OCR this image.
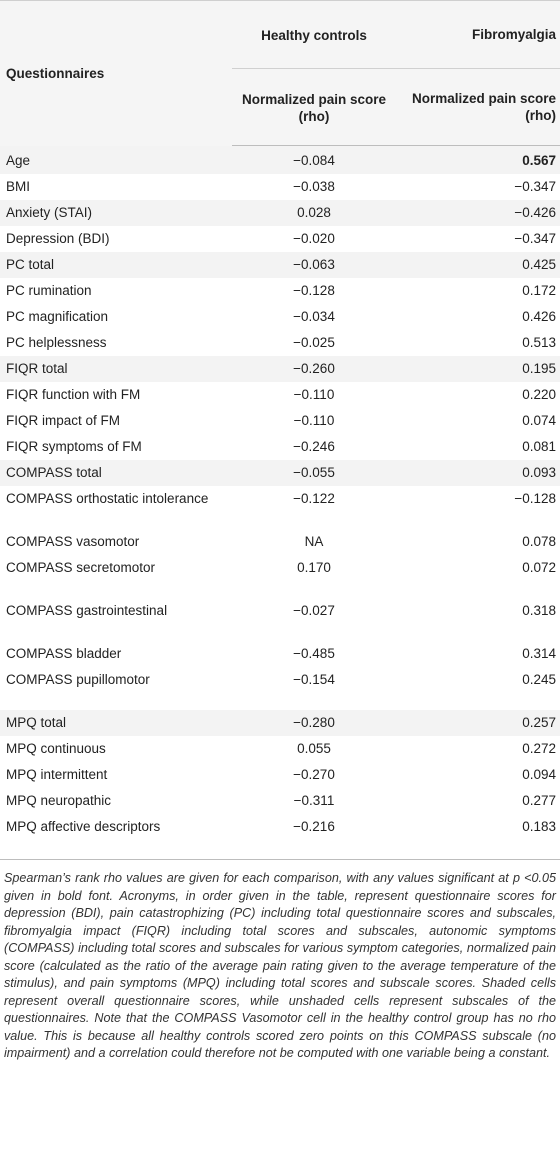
Questionnaires	Healthy controls	Fibromyalgia
	Normalized pain score (rho)	Normalized pain score (rho)
Age	−0.084	0.567
BMI	−0.038	−0.347
Anxiety (STAI)	0.028	−0.426
Depression (BDI)	−0.020	−0.347
PC total	−0.063	0.425
PC rumination	−0.128	0.172
PC magnification	−0.034	0.426
PC helplessness	−0.025	0.513
FIQR total	−0.260	0.195
FIQR function with FM	−0.110	0.220
FIQR impact of FM	−0.110	0.074
FIQR symptoms of FM	−0.246	0.081
COMPASS total	−0.055	0.093
COMPASS orthostatic intolerance	−0.122	−0.128
COMPASS vasomotor	NA	0.078
COMPASS secretomotor	0.170	0.072
COMPASS gastrointestinal	−0.027	0.318
COMPASS bladder	−0.485	0.314
COMPASS pupillomotor	−0.154	0.245
MPQ total	−0.280	0.257
MPQ continuous	0.055	0.272
MPQ intermittent	−0.270	0.094
MPQ neuropathic	−0.311	0.277
MPQ affective descriptors	−0.216	0.183
Spearman’s rank rho values are given for each comparison, with any values significant at p <0.05 given in bold font. Acronyms, in order given in the table, represent questionnaire scores for depression (BDI), pain catastrophizing (PC) including total questionnaire scores and subscales, fibromyalgia impact (FIQR) including total scores and subscales, autonomic symptoms (COMPASS) including total scores and subscales for various symptom categories, normalized pain score (calculated as the ratio of the average pain rating given to the average temperature of the stimulus), and pain symptoms (MPQ) including total scores and subscale scores. Shaded cells represent overall questionnaire scores, while unshaded cells represent subscales of the questionnaires. Note that the COMPASS Vasomotor cell in the healthy control group has no rho value. This is because all healthy controls scored zero points on this COMPASS subscale (no impairment) and a correlation could therefore not be computed with one variable being a constant.
